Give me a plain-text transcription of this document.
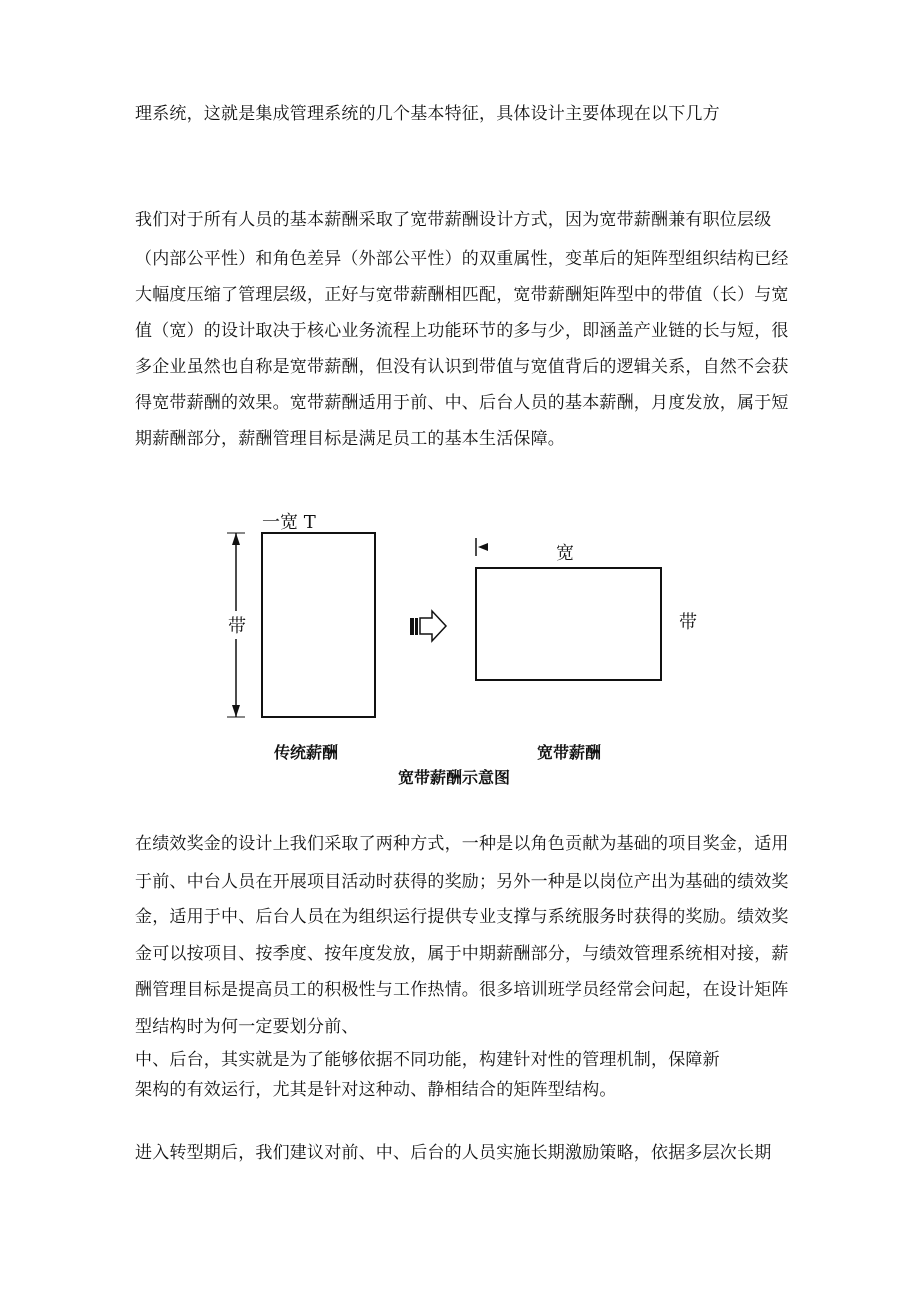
理系统，这就是集成管理系统的几个基本特征，具体设计主要体现在以下几方
我们对于所有人员的基本薪酬采取了宽带薪酬设计方式，因为宽带薪酬兼有职位层级
（内部公平性）和角色差异（外部公平性）的双重属性，变革后的矩阵型组织结构已经
大幅度压缩了管理层级，正好与宽带薪酬相匹配，宽带薪酬矩阵型中的带值（长）与宽
值（宽）的设计取决于核心业务流程上功能环节的多与少，即涵盖产业链的长与短，很
多企业虽然也自称是宽带薪酬，但没有认识到带值与宽值背后的逻辑关系，自然不会获
得宽带薪酬的效果。宽带薪酬适用于前、中、后台人员的基本薪酬，月度发放，属于短
期薪酬部分，薪酬管理目标是满足员工的基本生活保障。
一宽 T
带
宽
带
传统薪酬	宽带薪酬
宽带薪酬示意图
在绩效奖金的设计上我们采取了两种方式，一种是以角色贡献为基础的项目奖金，适用
于前、中台人员在开展项目活动时获得的奖励；另外一种是以岗位产出为基础的绩效奖
金，适用于中、后台人员在为组织运行提供专业支撑与系统服务时获得的奖励。绩效奖
金可以按项目、按季度、按年度发放，属于中期薪酬部分，与绩效管理系统相对接，薪
酬管理目标是提高员工的积极性与工作热情。很多培训班学员经常会问起，在设计矩阵
型结构时为何一定要划分前、
中、后台，其实就是为了能够依据不同功能，构建针对性的管理机制，保障新
架构的有效运行，尤其是针对这种动、静相结合的矩阵型结构。
进入转型期后，我们建议对前、中、后台的人员实施长期激励策略，依据多层次长期
